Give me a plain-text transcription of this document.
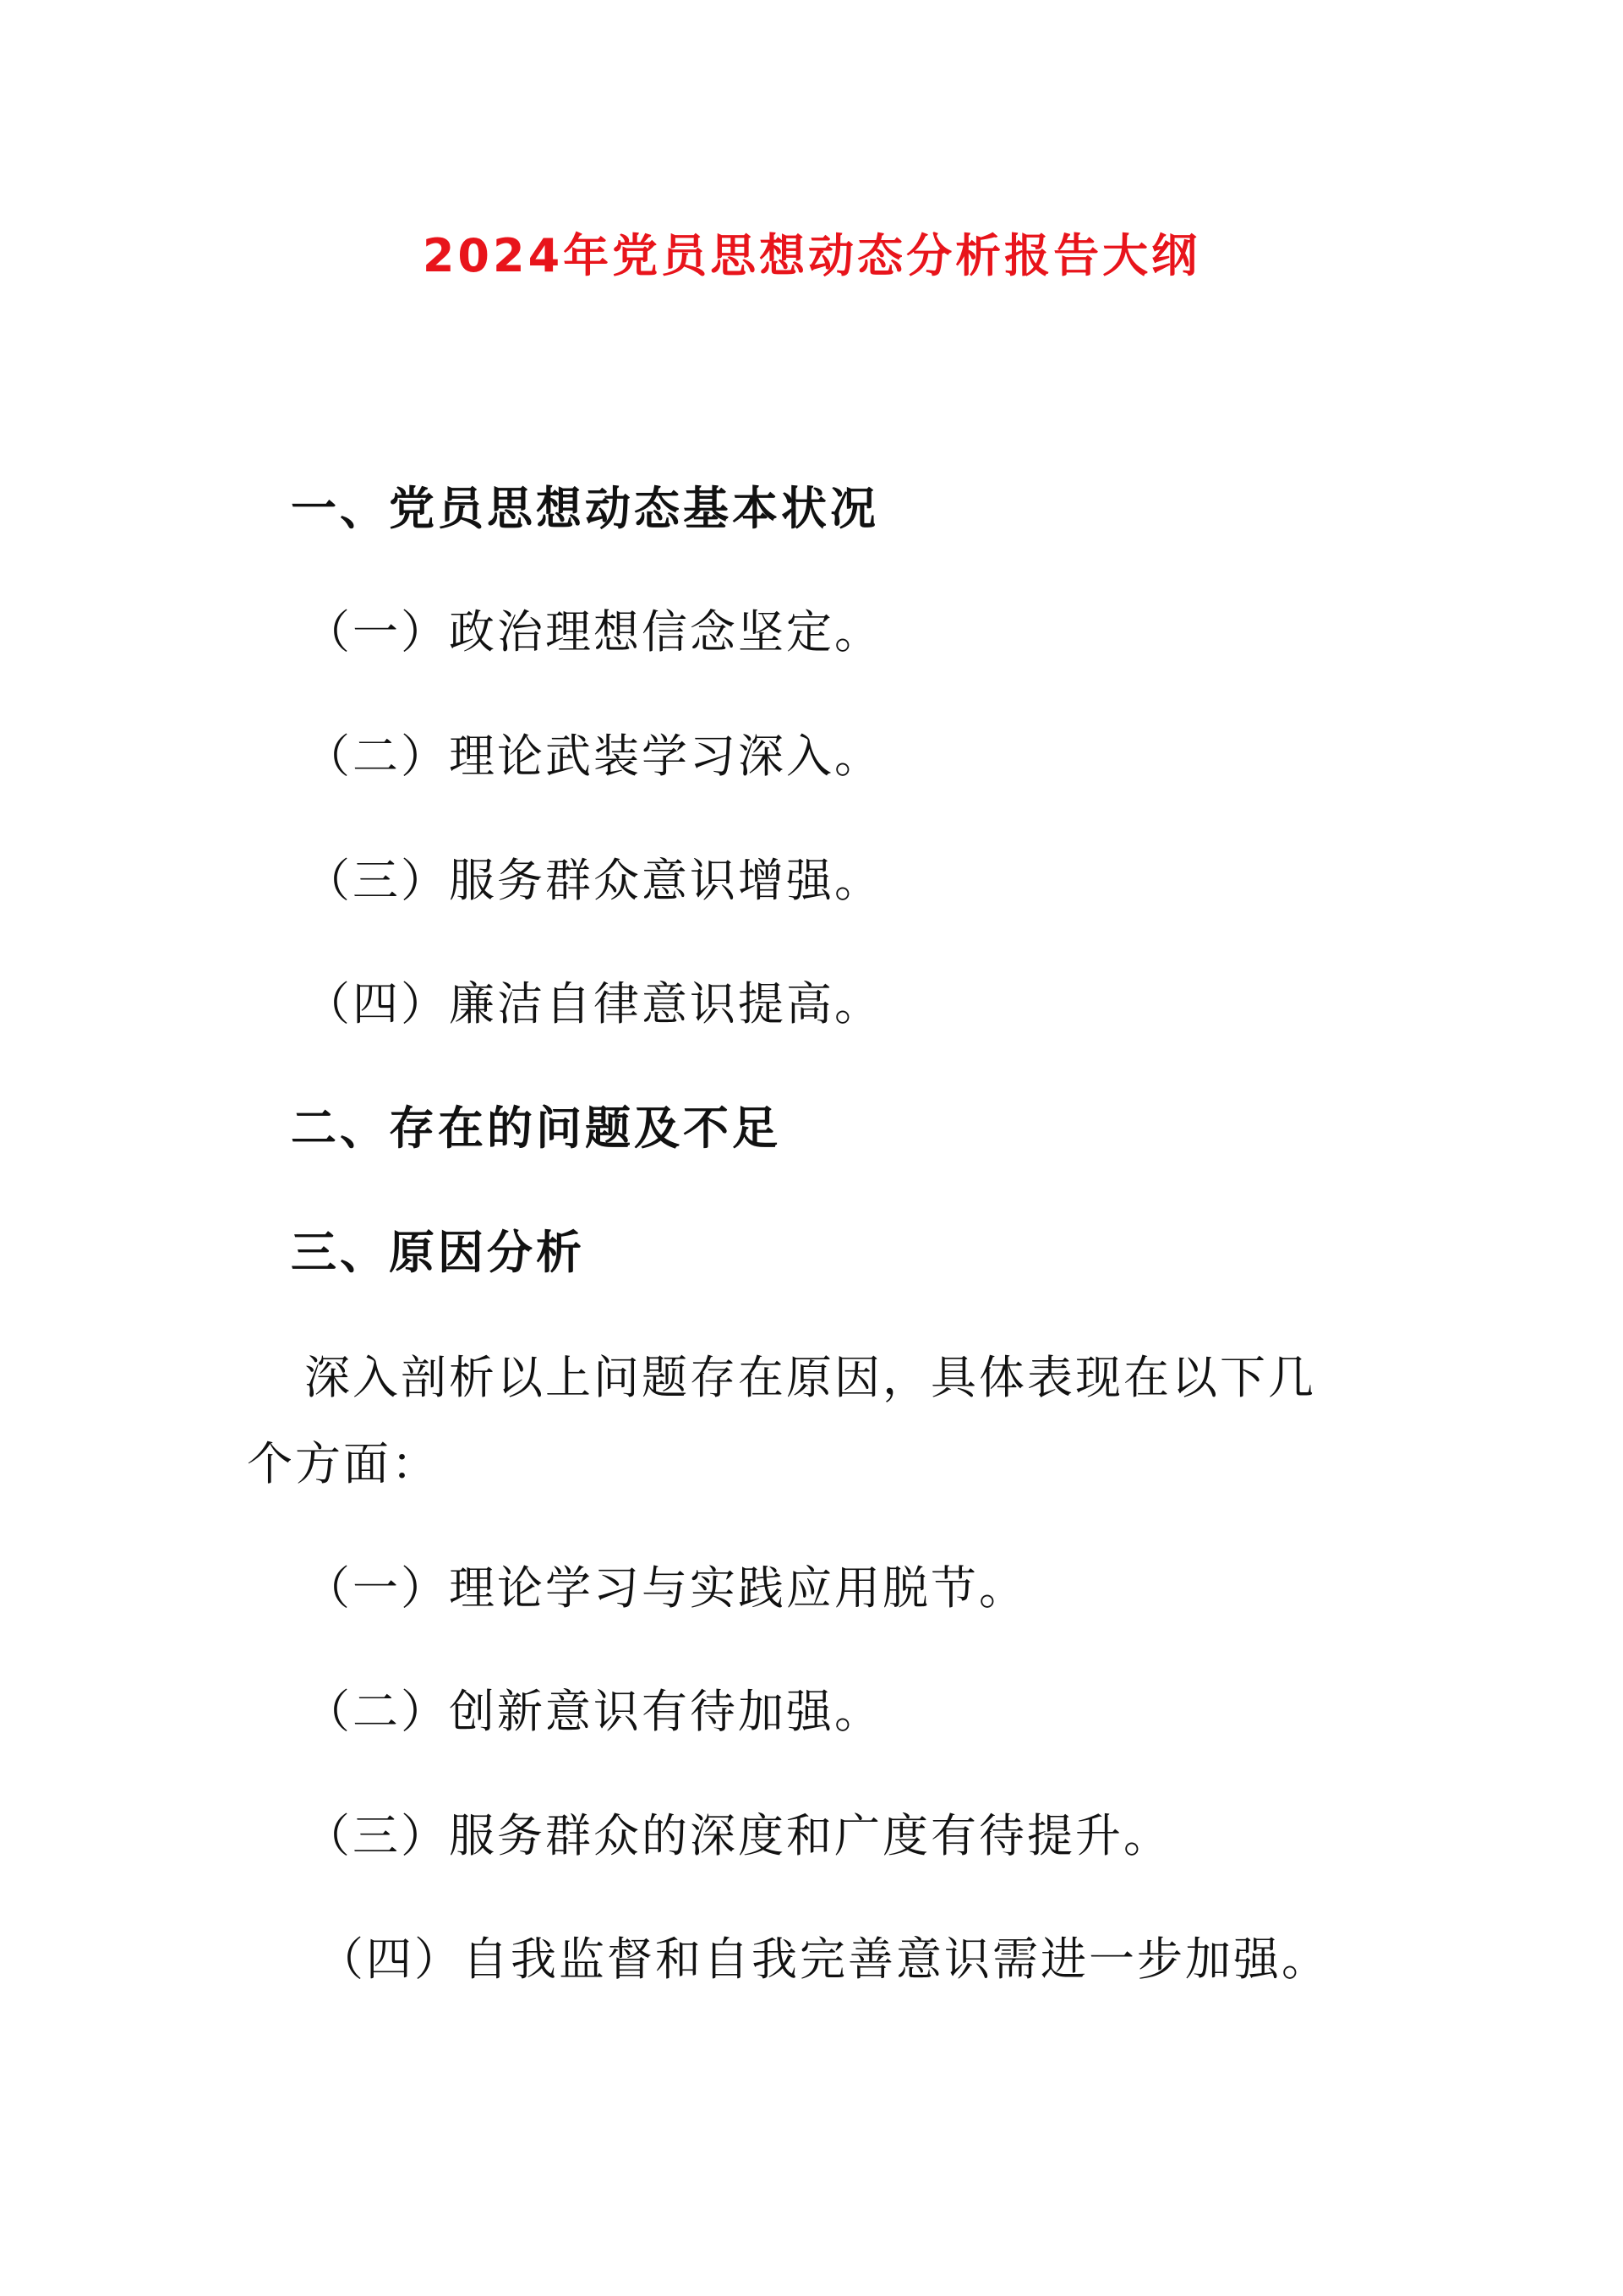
2024年党员思想动态分析报告大纲
一、党员思想动态基本状况
（一）政治理想信念坚定。
（二）理论武装学习深入。
（三）服务群众意识增强。
（四）廉洁自律意识提高。
二、存在的问题及不足
三、原因分析
深入剖析以上问题存在原因，具体表现在以下几
个方面：
（一）理论学习与实践应用脱节。
（二）创新意识有待加强。
（三）服务群众的深度和广度有待提升。
（四）自我监督和自我完善意识需进一步加强。
